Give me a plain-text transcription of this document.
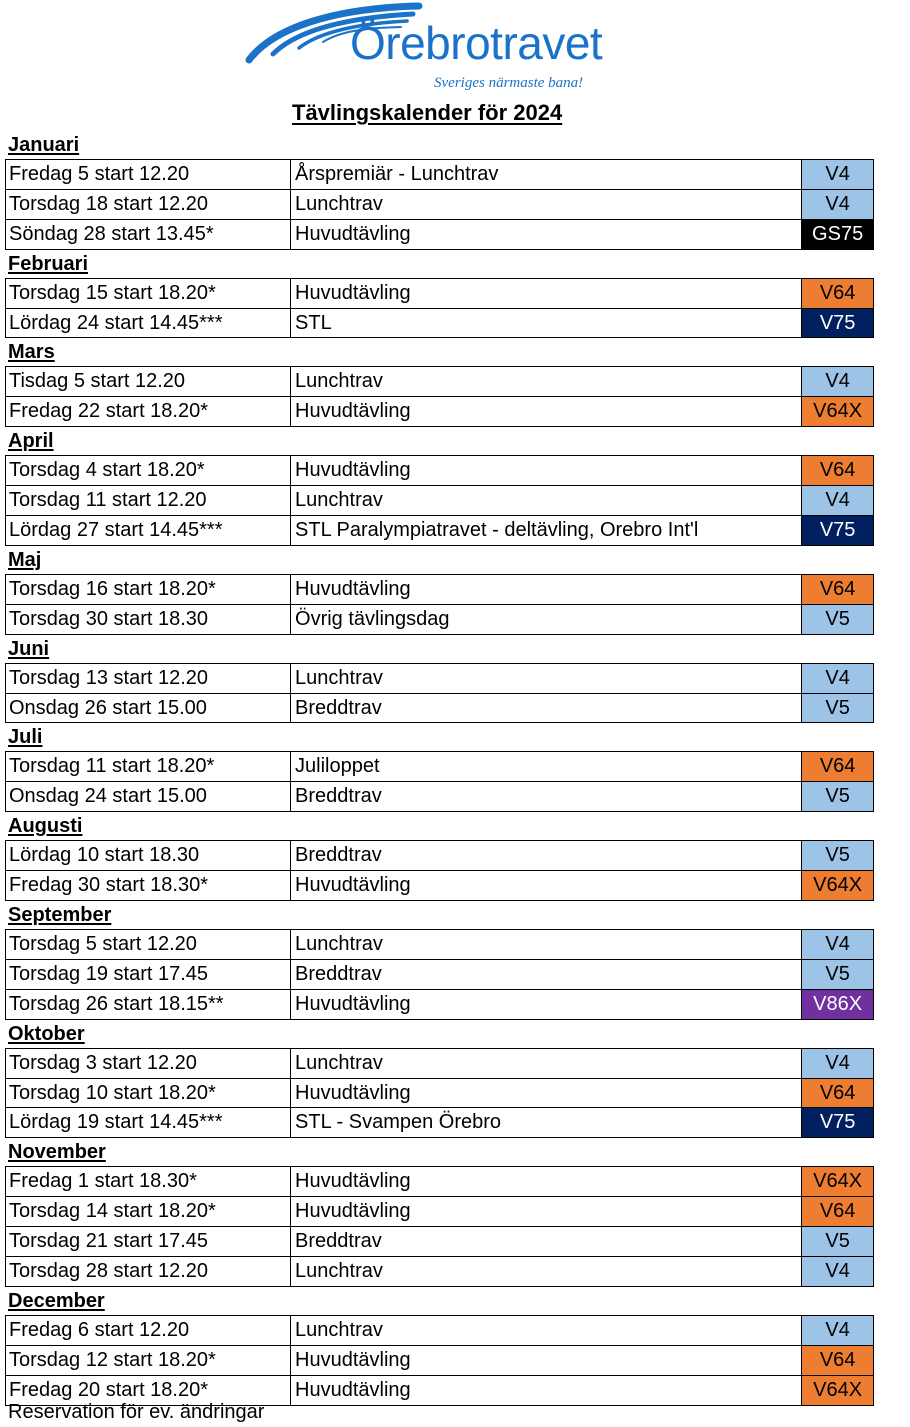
Örebrotravet
Sveriges närmaste bana!
Tävlingskalender för 2024
Januari
Fredag 5 start 12.20	Årspremiär - Lunchtrav	V4
Torsdag 18 start 12.20	Lunchtrav	V4
Söndag 28 start 13.45*	Huvudtävling	GS75
Februari
Torsdag 15 start 18.20*	Huvudtävling	V64
Lördag 24 start 14.45***	STL	V75
Mars
Tisdag 5 start 12.20	Lunchtrav	V4
Fredag 22 start 18.20*	Huvudtävling	V64X
April
Torsdag 4 start 18.20*	Huvudtävling	V64
Torsdag 11 start 12.20	Lunchtrav	V4
Lördag 27 start 14.45***	STL Paralympiatravet - deltävling, Orebro Int'l	V75
Maj
Torsdag 16 start 18.20*	Huvudtävling	V64
Torsdag 30 start 18.30	Övrig tävlingsdag	V5
Juni
Torsdag 13 start 12.20	Lunchtrav	V4
Onsdag 26 start 15.00	Breddtrav	V5
Juli
Torsdag 11 start 18.20*	Juliloppet	V64
Onsdag 24 start 15.00	Breddtrav	V5
Augusti
Lördag 10 start 18.30	Breddtrav	V5
Fredag 30 start 18.30*	Huvudtävling	V64X
September
Torsdag 5 start 12.20	Lunchtrav	V4
Torsdag 19 start 17.45	Breddtrav	V5
Torsdag 26 start 18.15**	Huvudtävling	V86X
Oktober
Torsdag 3 start 12.20	Lunchtrav	V4
Torsdag 10 start 18.20*	Huvudtävling	V64
Lördag 19 start 14.45***	STL - Svampen Örebro	V75
November
Fredag 1 start 18.30*	Huvudtävling	V64X
Torsdag 14 start 18.20*	Huvudtävling	V64
Torsdag 21 start 17.45	Breddtrav	V5
Torsdag 28 start 12.20	Lunchtrav	V4
December
Fredag 6 start 12.20	Lunchtrav	V4
Torsdag 12 start 18.20*	Huvudtävling	V64
Fredag 20 start 18.20*	Huvudtävling	V64X
Reservation för ev. ändringar
